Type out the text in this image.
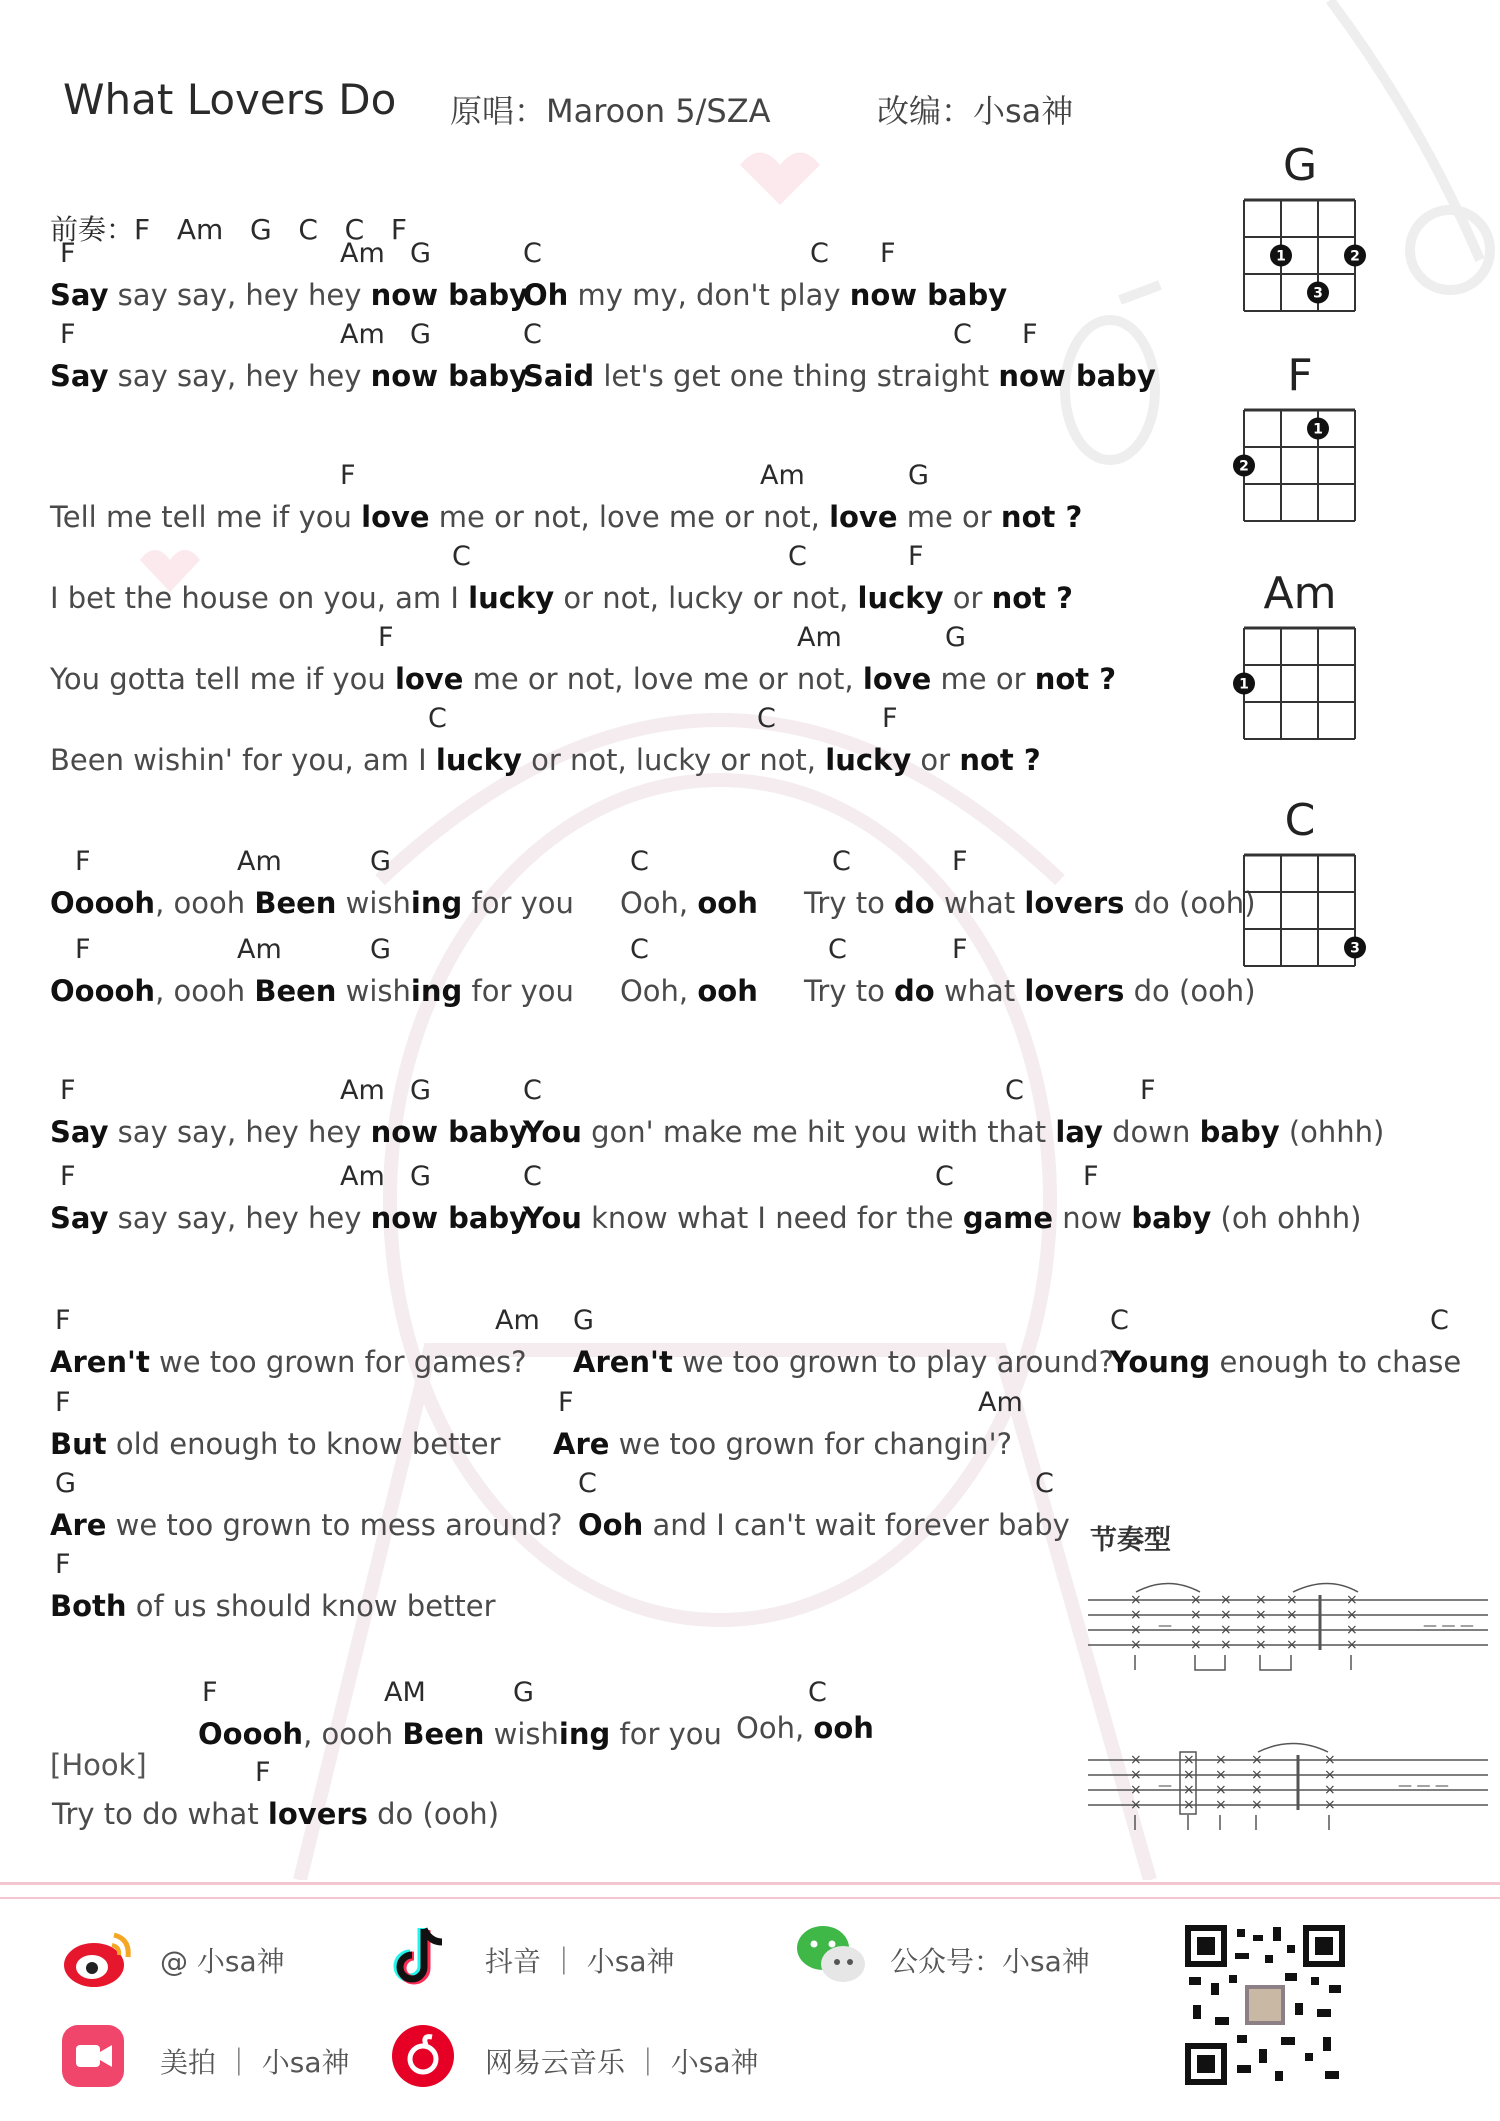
What Lovers Do 原唱：Maroon 5/SZA	改编：小sa神
前奏：F   Am   G   C   C   F
F	Am G
Say say say, hey hey now baby
C	C F
Oh my my, don't play now baby
F	Am G
Say say say, hey hey now baby
C	C F
Said let's get one thing straight now baby
F	Am	G
Tell me tell me if you love me or not, love me or not, love me or not ?
C	C	F
I bet the house on you, am I lucky or not, lucky or not, lucky or not ?
F	Am	G
You gotta tell me if you love me or not, love me or not, love me or not ?
C	C	F
Been wishin' for you, am I lucky or not, lucky or not, lucky or not ?
F	Am	G	C	C	F
Ooooh, oooh Been wishing for you     Ooh, ooh     Try to do what lovers do (ooh)
F	Am	G	C	C	F
Ooooh, oooh Been wishing for you     Ooh, ooh     Try to do what lovers do (ooh)
F	Am G
Say say say, hey hey now baby
C	C	F
You gon' make me hit you with that lay down baby (ohhh)
F	Am G
Say say say, hey hey now baby
C	C	F
You know what I need for the game now baby (oh ohhh)
F	Am G
Aren't we too grown for games? Aren't we too grown to play around?
C	C
Young enough to chase
F
But old enough to know better
F	Am
Are we too grown for changin'?
G
Are we too grown to mess around?
C	C
Ooh and I can't wait forever baby
F
Both of us should know better
F	AM	G	C
Ooooh, oooh Been wishing for you Ooh, ooh
F
Try to do what lovers do (ooh)
[Hook]
G
1	2
3
F
1
2
Am
1
C
3
节奏型
×
×
×
×
×
×
×
×
×
×
×
×
×
×
×
×
×
×
×
×
×
×
×
×
—	— — —
×
×
×
×
×
×
×
×
×
×
×
×
×
×
×
×
×
×
×
×
—	— — —
@ 小sa神	抖音 ｜ 小sa神	公众号：小sa神
美拍 ｜ 小sa神	网易云音乐 ｜ 小sa神
